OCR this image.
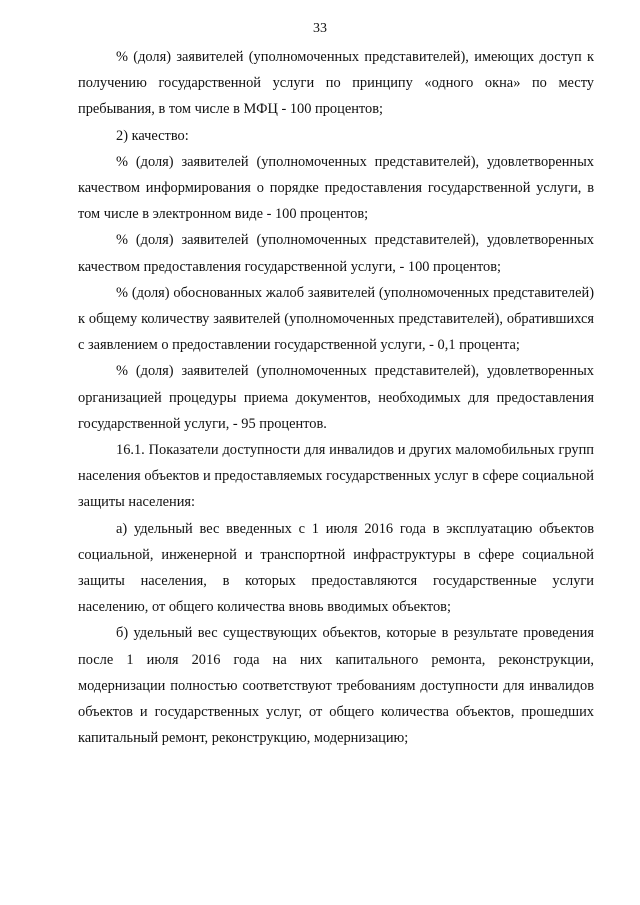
33

% (доля) заявителей (уполномоченных представителей), имеющих доступ к получению государственной услуги по принципу «одного окна» по месту пребывания, в том числе в МФЦ - 100 процентов;

2) качество:

% (доля) заявителей (уполномоченных представителей), удовлетворенных качеством информирования о порядке предоставления государственной услуги, в том числе в электронном виде - 100 процентов;

% (доля) заявителей (уполномоченных представителей), удовлетворенных качеством предоставления государственной услуги, - 100 процентов;

% (доля) обоснованных жалоб заявителей (уполномоченных представителей) к общему количеству заявителей (уполномоченных представителей), обратившихся с заявлением о предоставлении государственной услуги, - 0,1 процента;

% (доля) заявителей (уполномоченных представителей), удовлетворенных организацией процедуры приема документов, необходимых для предоставления государственной услуги, - 95 процентов.

16.1. Показатели доступности для инвалидов и других маломобильных групп населения объектов и предоставляемых государственных услуг в сфере социальной защиты населения:

а) удельный вес введенных с 1 июля 2016 года в эксплуатацию объектов социальной, инженерной и транспортной инфраструктуры в сфере социальной защиты населения, в которых предоставляются государственные услуги населению, от общего количества вновь вводимых объектов;

б) удельный вес существующих объектов, которые в результате проведения после 1 июля 2016 года на них капитального ремонта, реконструкции, модернизации полностью соответствуют требованиям доступности для инвалидов объектов и государственных услуг, от общего количества объектов, прошедших капитальный ремонт, реконструкцию, модернизацию;
